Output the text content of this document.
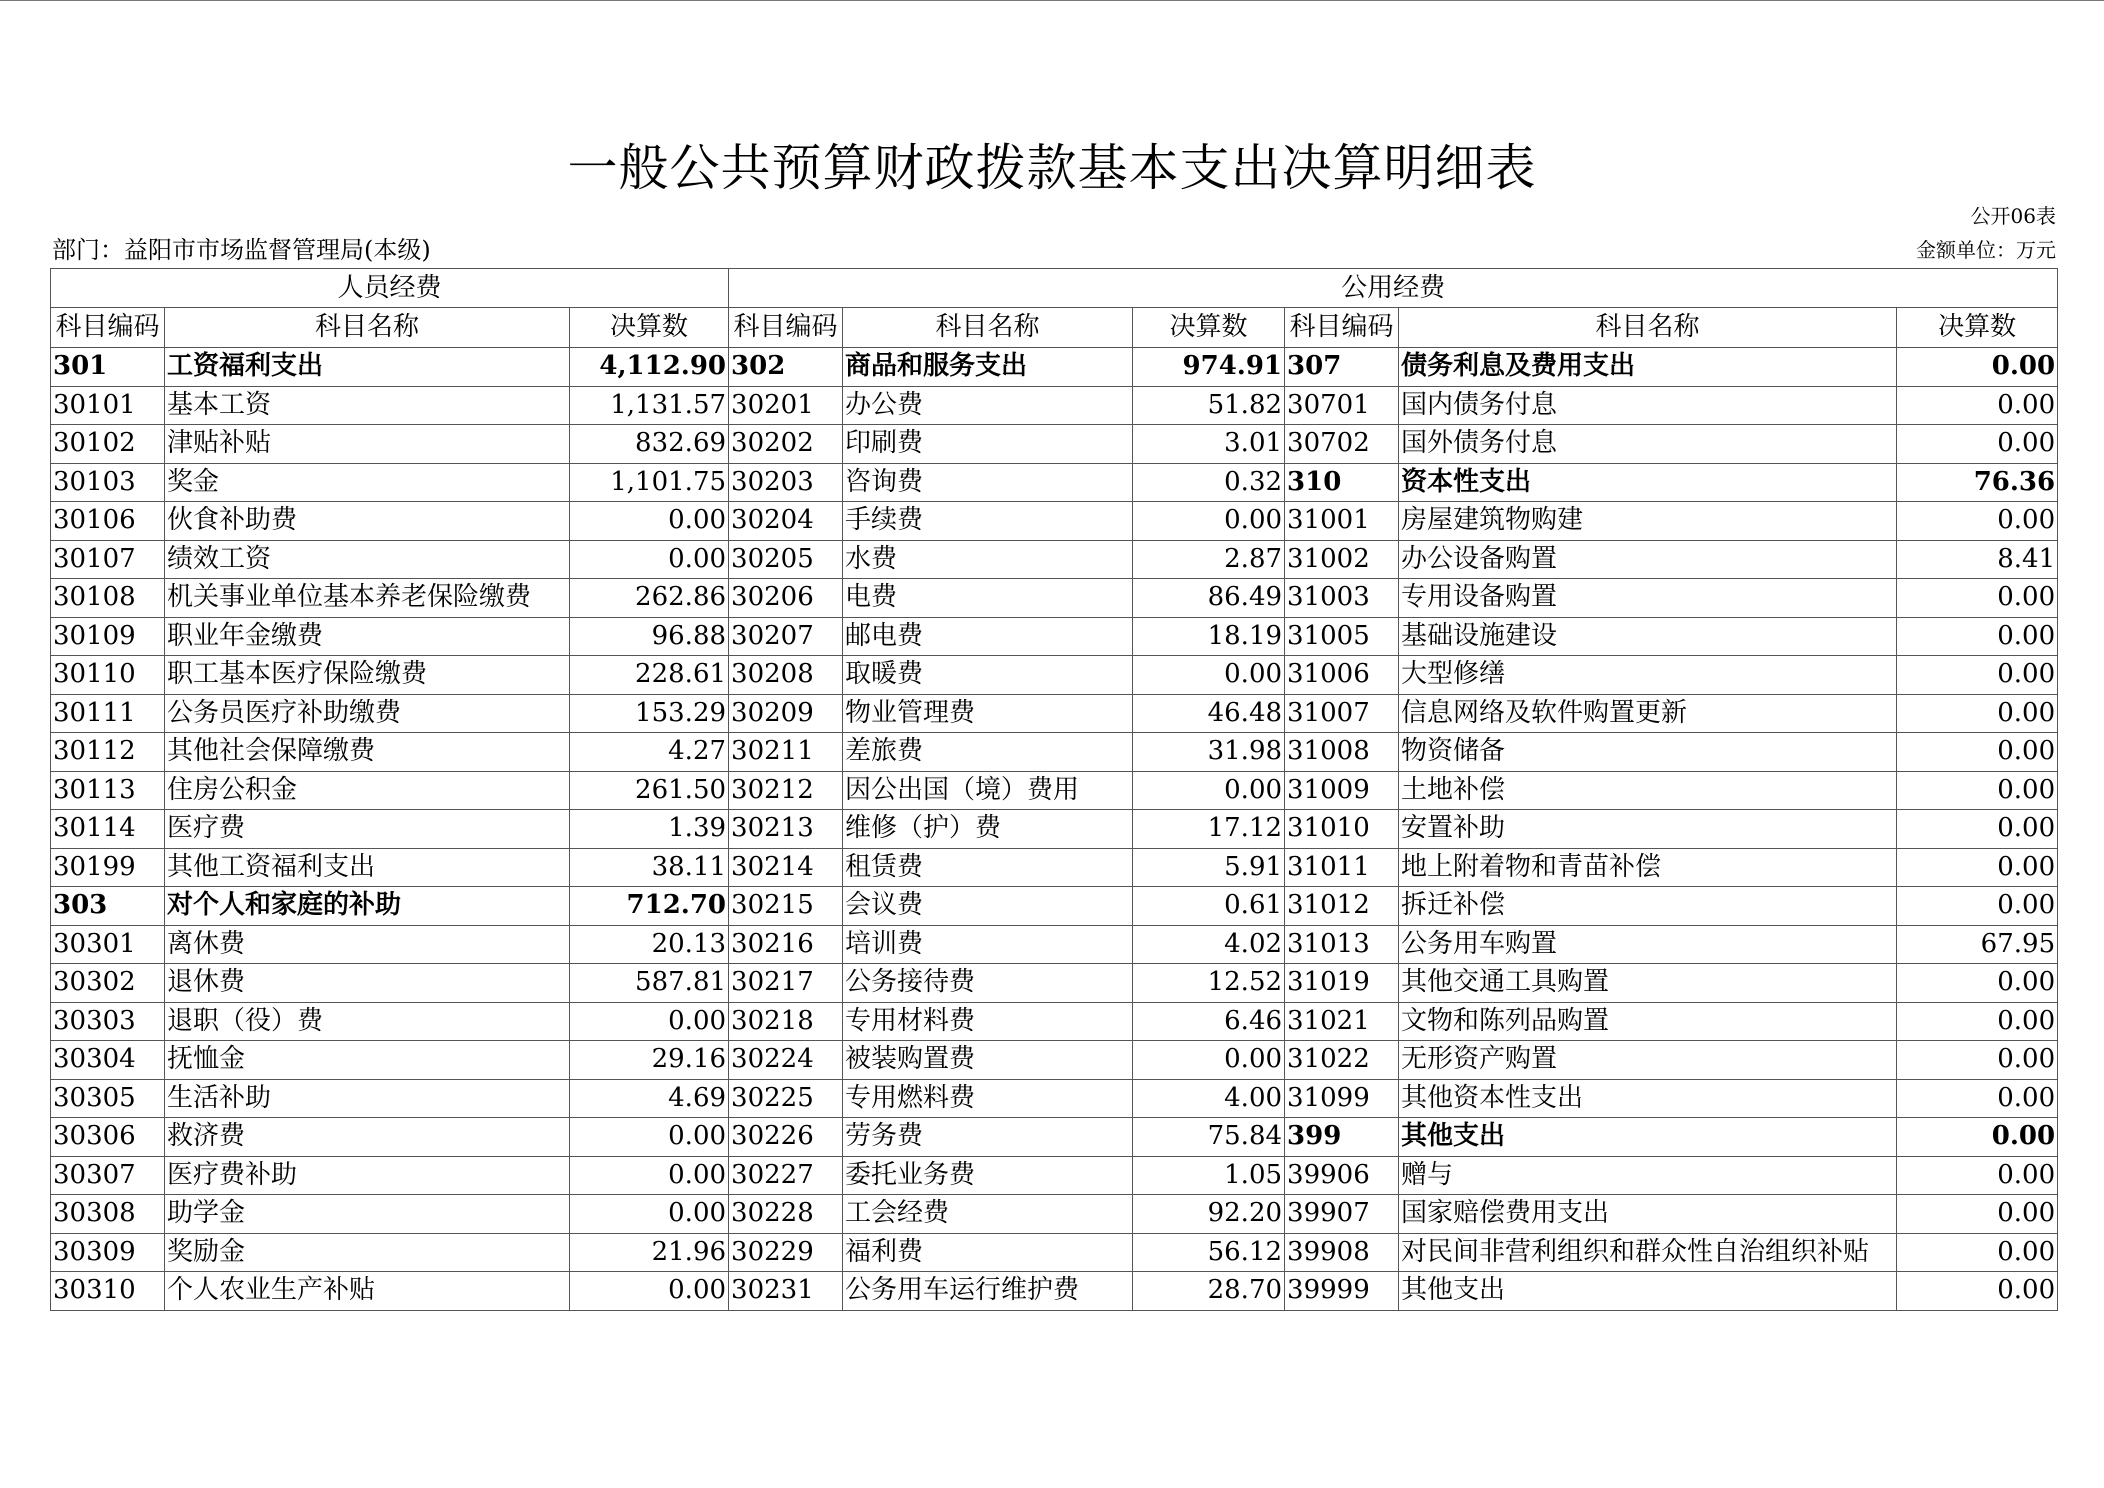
一般公共预算财政拨款基本支出决算明细表
公开06表
部门：益阳市市场监督管理局(本级)	金额单位：万元
人员经费			公用经费					
科目编码	科目名称	决算数	科目编码	科目名称	决算数	科目编码	科目名称	决算数
301	工资福利支出	4,112.90	302	商品和服务支出	974.91	307	债务利息及费用支出	0.00
30101	基本工资	1,131.57	30201	办公费	51.82	30701	国内债务付息	0.00
30102	津贴补贴	832.69	30202	印刷费	3.01	30702	国外债务付息	0.00
30103	奖金	1,101.75	30203	咨询费	0.32	310	资本性支出	76.36
30106	伙食补助费	0.00	30204	手续费	0.00	31001	房屋建筑物购建	0.00
30107	绩效工资	0.00	30205	水费	2.87	31002	办公设备购置	8.41
30108	机关事业单位基本养老保险缴费	262.86	30206	电费	86.49	31003	专用设备购置	0.00
30109	职业年金缴费	96.88	30207	邮电费	18.19	31005	基础设施建设	0.00
30110	职工基本医疗保险缴费	228.61	30208	取暖费	0.00	31006	大型修缮	0.00
30111	公务员医疗补助缴费	153.29	30209	物业管理费	46.48	31007	信息网络及软件购置更新	0.00
30112	其他社会保障缴费	4.27	30211	差旅费	31.98	31008	物资储备	0.00
30113	住房公积金	261.50	30212	因公出国（境）费用	0.00	31009	土地补偿	0.00
30114	医疗费	1.39	30213	维修（护）费	17.12	31010	安置补助	0.00
30199	其他工资福利支出	38.11	30214	租赁费	5.91	31011	地上附着物和青苗补偿	0.00
303	对个人和家庭的补助	712.70	30215	会议费	0.61	31012	拆迁补偿	0.00
30301	离休费	20.13	30216	培训费	4.02	31013	公务用车购置	67.95
30302	退休费	587.81	30217	公务接待费	12.52	31019	其他交通工具购置	0.00
30303	退职（役）费	0.00	30218	专用材料费	6.46	31021	文物和陈列品购置	0.00
30304	抚恤金	29.16	30224	被装购置费	0.00	31022	无形资产购置	0.00
30305	生活补助	4.69	30225	专用燃料费	4.00	31099	其他资本性支出	0.00
30306	救济费	0.00	30226	劳务费	75.84	399	其他支出	0.00
30307	医疗费补助	0.00	30227	委托业务费	1.05	39906	赠与	0.00
30308	助学金	0.00	30228	工会经费	92.20	39907	国家赔偿费用支出	0.00
30309	奖励金	21.96	30229	福利费	56.12	39908	对民间非营利组织和群众性自治组织补贴	0.00
30310	个人农业生产补贴	0.00	30231	公务用车运行维护费	28.70	39999	其他支出	0.00
